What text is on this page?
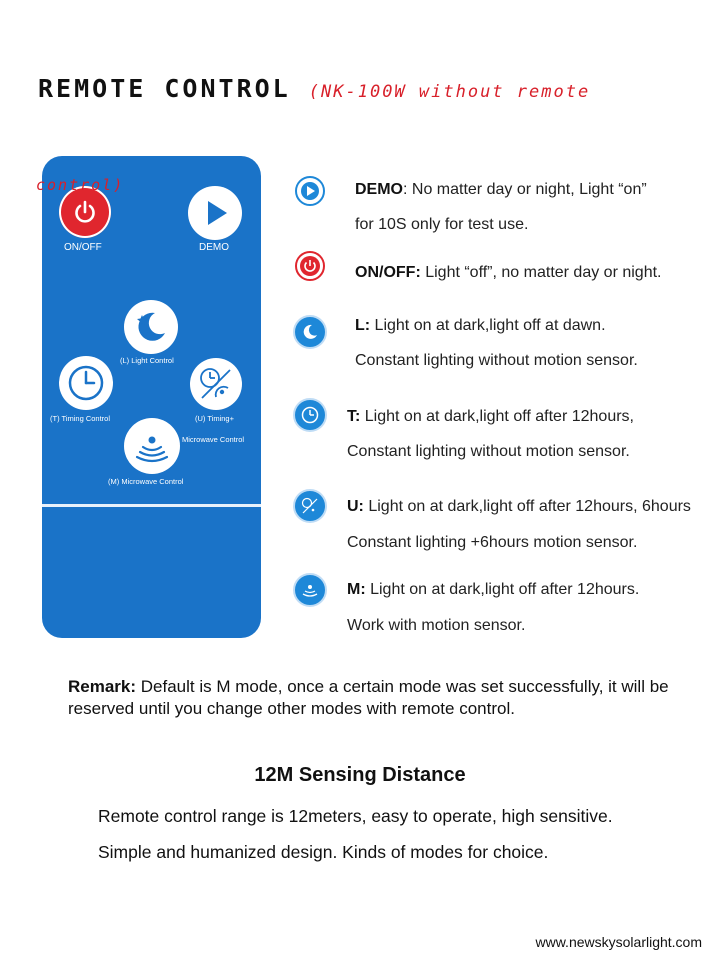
REMOTE CONTROL (NK-100W without remote
control)
ON/OFF	DEMO
(L) Light Control
(T) Timing Control	(U) Timing+
Microwave Control
(M) Microwave Control
DEMO: No matter day or night, Light “on”
for 10S only for test use.
ON/OFF: Light “off”, no matter day or night.
L: Light on at dark,light off at dawn.
Constant lighting without motion sensor.
T: Light on at dark,light off after 12hours,
Constant lighting without motion sensor.
U: Light on at dark,light off after 12hours, 6hours
Constant lighting +6hours motion sensor.
M: Light on at dark,light off after 12hours.
Work with motion sensor.
Remark: Default is M mode, once a certain mode was set successfully, it will be reserved until you change other modes with remote control.
12M Sensing Distance
Remote control range is 12meters, easy to operate, high sensitive.
Simple and humanized design. Kinds of modes for choice.
www.newskysolarlight.com
